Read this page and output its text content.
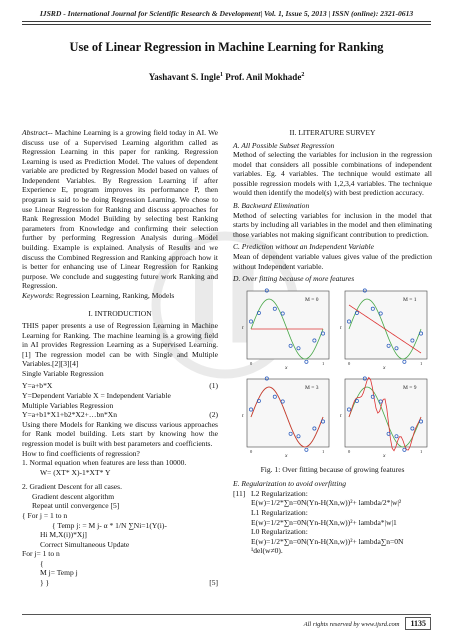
IJSRD - International Journal for Scientific Research & Development| Vol. 1, Issue 5, 2013 | ISSN (online): 2321-0613
Use of Linear Regression in Machine Learning for Ranking
Yashavant S. Ingle$^1$ Prof. Anil Mokhade$^2$

Abstract-- Machine Learning is a growing field today in AI. We discuss use of a Supervised Learning algorithm called as Regression Learning in this paper for ranking. Regression Learning is used as Prediction Model. The values of dependent variable are predicted by Regression Model based on values of Independent Variables. By Regression Learning if after Experience E, program improves its performance P, then program is said to be doing Regression Learning. We chose to use Linear Regression for Ranking and discuss approaches for Rank Regression Model Building by selecting best Ranking parameters from Knowledge and confirming their selection further by performing Regression Analysis during Model building. Example is explained. Analysis of Results and we discuss the Combined Regression and Ranking approach how it is better for enhancing use of Linear Regression for Ranking purpose. We conclude and suggesting future work Ranking and Regression.

Keywords: Regression Learning, Ranking, Models

I. INTRODUCTION

THIS paper presents a use of Regression Learning in Machine Learning for Ranking. The machine learning is a growing field in AI provides Regression Learning as a Supervised Learning.[1] The regression model can be with Single and Multiple Variables.[2][3][4]

Single Variable Regression

Y=a+b*X	(1)

Y=Dependent Variable X = Independent Variable

Multiple Variables Regression

Y=a+b1*X1+b2*X2+…bn*Xn	(2)

Using there Models for Ranking we discuss various approaches for Rank model building. Lets start by knowing how the regression model is built with best parameters and coefficients.

How to find coefficients of regression?

1. Normal equation when features are less than 10000.

W= (XT* X)-1*XT* Y

2. Gradient Descent for all cases.

Gradient descent algorithm

Repeat until convergence [5]

{ For j = 1 to n

{ Temp j: = M j- α * 1/N ∑Ni=1(Y(i)-

Hi M,X(i))*Xj]

Correct Simultaneous Update

For j= 1 to n

{

M j= Temp j

} }	[5]

II. LITERATURE SURVEY

A. All Possible Subset Regression

Method of selecting the variables for inclusion in the regression model that considers all possible combinations of independent variables. Eg. 4 variables. The technique would estimate all possible regression models with 1,2,3,4 variables. The technique would then identify the model(s) with best prediction accuracy.

B. Backward Elimination

Method of selecting variables for inclusion in the model that starts by including all variables in the model and then eliminating those variables not making significant contribution to prediction.

C. Prediction without an Independent Variable

Mean of dependent variable values gives value of the prediction without Independent variable.

D. Over fitting because of more features

M = 0
t
x
0	1
M = 1
t
x
0	1
M = 3
t
x
0	1
M = 9
t
x
0	1

Fig. 1: Over fitting because of growing features

E. Regularization to avoid overfitting

[11] L2 Regularization:

E(w)=1/2*∑n=0N(Yn-H(Xn,w))²+ lambda/2*|w|²

L1 Regularization:

E(w)=1/2*∑n=0N(Yn-H(Xn,w))²+ lambda*|w|1

L0 Regularization:

E(w)=1/2*∑n=0N(Yn-H(Xn,w))²+ lambda∑n=0N

¹del(w≠0).

All rights reserved by www.ijsrd.com	1135
